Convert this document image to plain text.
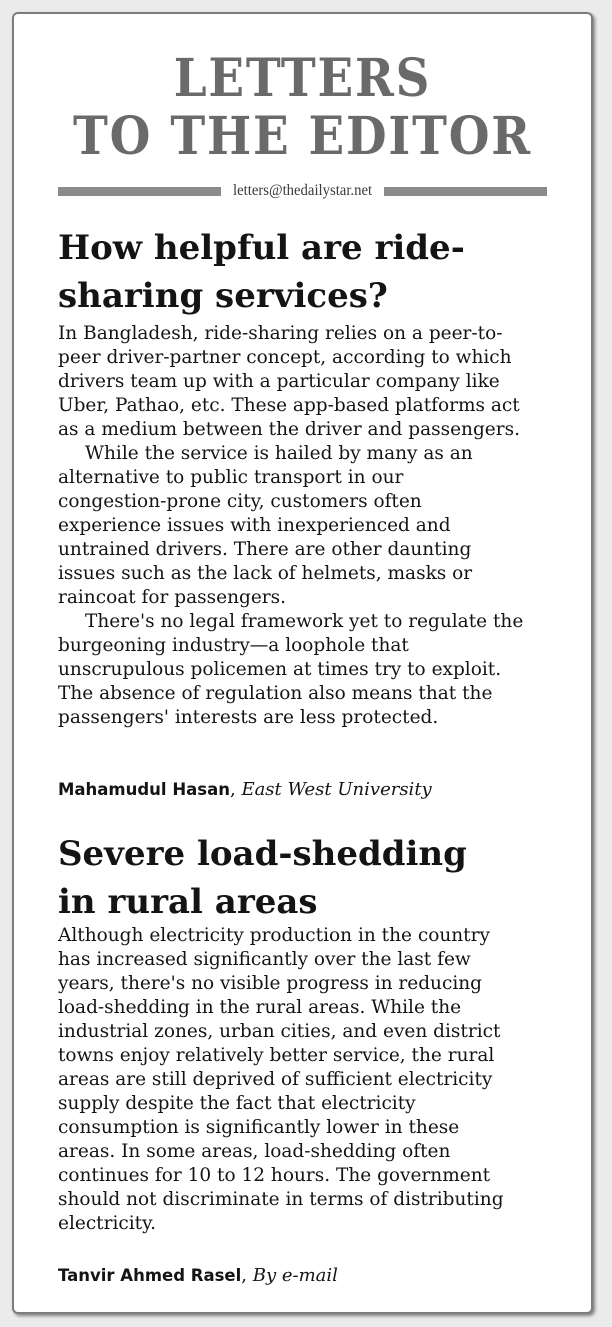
LETTERS
TO THE EDITOR
letters@thedailystar.net
How helpful are ride-
sharing services?
In Bangladesh, ride-sharing relies on a peer-to-
peer driver-partner concept, according to which
drivers team up with a particular company like
Uber, Pathao, etc. These app-based platforms act
as a medium between the driver and passengers.
While the service is hailed by many as an
alternative to public transport in our
congestion-prone city, customers often
experience issues with inexperienced and
untrained drivers. There are other daunting
issues such as the lack of helmets, masks or
raincoat for passengers.
There's no legal framework yet to regulate the
burgeoning industry—a loophole that
unscrupulous policemen at times try to exploit.
The absence of regulation also means that the
passengers' interests are less protected.
Mahamudul Hasan, East West University
Severe load-shedding
in rural areas
Although electricity production in the country
has increased significantly over the last few
years, there's no visible progress in reducing
load-shedding in the rural areas. While the
industrial zones, urban cities, and even district
towns enjoy relatively better service, the rural
areas are still deprived of sufficient electricity
supply despite the fact that electricity
consumption is significantly lower in these
areas. In some areas, load-shedding often
continues for 10 to 12 hours. The government
should not discriminate in terms of distributing
electricity.
Tanvir Ahmed Rasel, By e-mail
